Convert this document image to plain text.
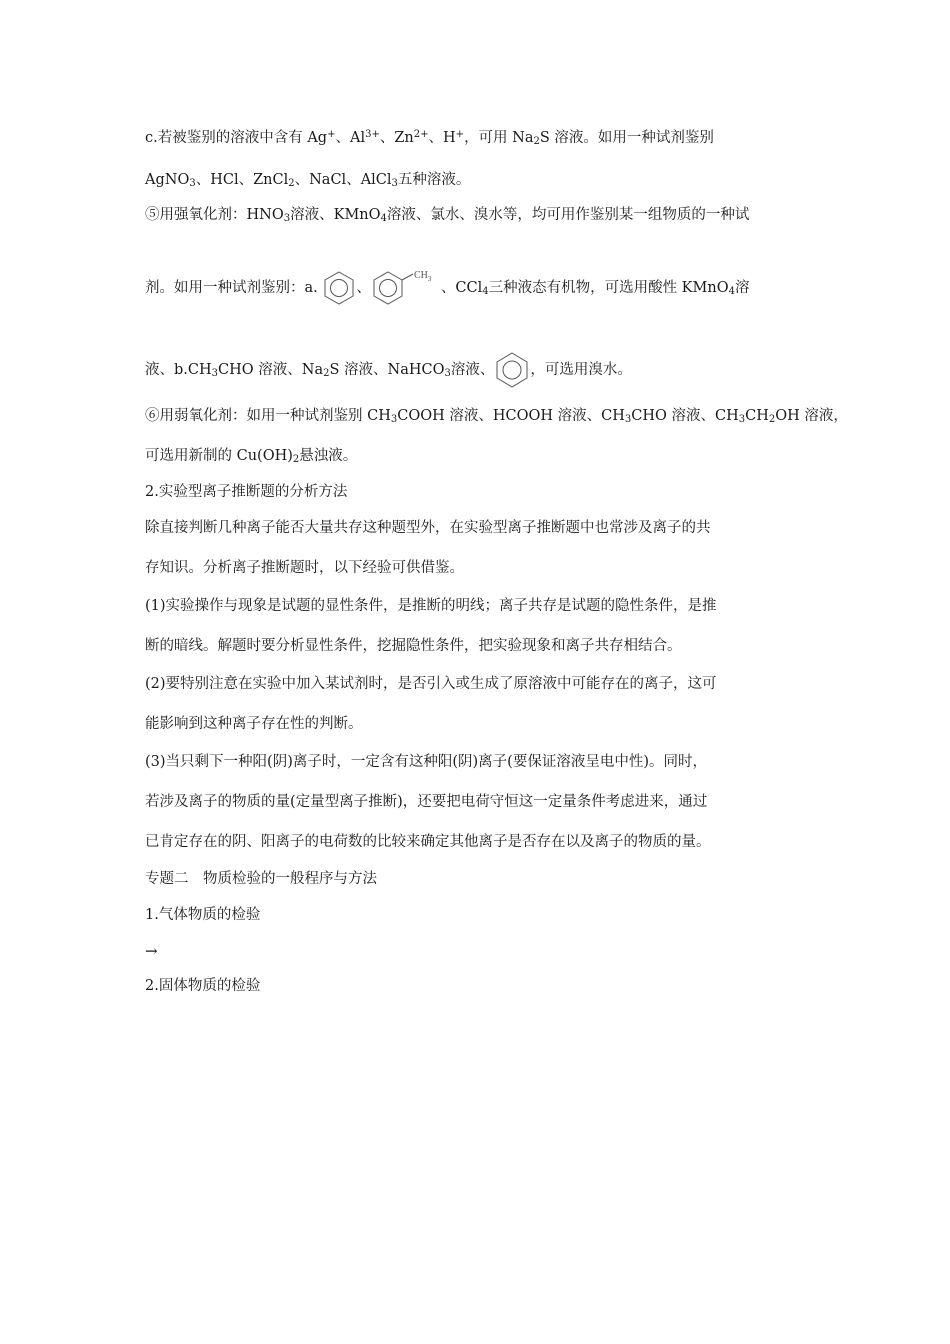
c.若被鉴别的溶液中含有 Ag+、$Al^{3+}$、$Zn^{2+}$、H+，可用 $Na_2S$ 溶液。如用一种试剂鉴别
AgNO$_3$、HCl、ZnCl$_2$、NaCl、AlCl$_3$五种溶液。
⑤用强氧化剂：$HNO_3$溶液、KMnO$_4$溶液、氯水、溴水等，均可用作鉴别某一组物质的一种试
剂。如用一种试剂鉴别：a.	、
$CH_3$
、CCl$_4$三种液态有机物，可选用酸性 KMnO$_4$溶
液、$b.CH_3CHO$ 溶液、$Na_2S$ 溶液、NaHCO$_3$溶液、 ，可选用溴水。
⑥用弱氧化剂：如用一种试剂鉴别 $CH_3COOH$ 溶液、HCOOH 溶液、$CH_3CHO$ 溶液、$CH_3CH_2OH$ 溶液，
可选用新制的 $Cu(OH)_2$悬浊液。
2.实验型离子推断题的分析方法
除直接判断几种离子能否大量共存这种题型外，在实验型离子推断题中也常涉及离子的共
存知识。分析离子推断题时，以下经验可供借鉴。
(1)实验操作与现象是试题的显性条件，是推断的明线；离子共存是试题的隐性条件，是推
断的暗线。解题时要分析显性条件，挖掘隐性条件，把实验现象和离子共存相结合。
(2)要特别注意在实验中加入某试剂时，是否引入或生成了原溶液中可能存在的离子，这可
能影响到这种离子存在性的判断。
(3)当只剩下一种阳(阴)离子时，一定含有这种阳(阴)离子(要保证溶液呈电中性)。同时，
若涉及离子的物质的量(定量型离子推断)，还要把电荷守恒这一定量条件考虑进来，通过
已肯定存在的阴、阳离子的电荷数的比较来确定其他离子是否存在以及离子的物质的量。
专题二　物质检验的一般程序与方法
1.气体物质的检验
→
2.固体物质的检验
